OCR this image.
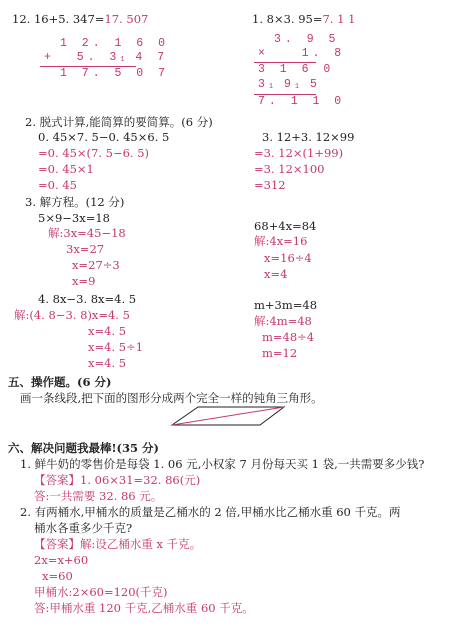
12. 16+5. 347=17. 507
1 2. 1 6 0
+  5. 31 4 7
1 7. 5 0 7
1. 8×3. 95=7. 1 1
3. 9 5
×   1. 8
3 1 6 0
31 91 5
7. 1 1 0
2. 脱式计算,能简算的要简算。(6 分)
0. 45×7. 5−0. 45×6. 5
=0. 45×(7. 5−6. 5)
=0. 45×1
=0. 45
3. 12+3. 12×99
=3. 12×(1+99)
=3. 12×100
=312
3. 解方程。(12 分)
5×9−3x=18
解:3x=45−18
3x=27
x=27÷3
x=9
68+4x=84
解:4x=16
x=16÷4
x=4
4. 8x−3. 8x=4. 5
解:(4. 8−3. 8)x=4. 5
x=4. 5
x=4. 5÷1
x=4. 5
m+3m=48
解:4m=48
m=48÷4
m=12
五、操作题。(6 分)
画一条线段,把下面的图形分成两个完全一样的钝角三角形。
六、解决问题我最棒!(35 分)
1. 鲜牛奶的零售价是每袋 1. 06 元,小权家 7 月份每天买 1 袋,一共需要多少钱?
【答案】1. 06×31=32. 86(元)
答:一共需要 32. 86 元。
2. 有两桶水,甲桶水的质量是乙桶水的 2 倍,甲桶水比乙桶水重 60 千克。两
桶水各重多少千克?
【答案】解:设乙桶水重 x 千克。
2x=x+60
x=60
甲桶水:2×60=120(千克)
答:甲桶水重 120 千克,乙桶水重 60 千克。
